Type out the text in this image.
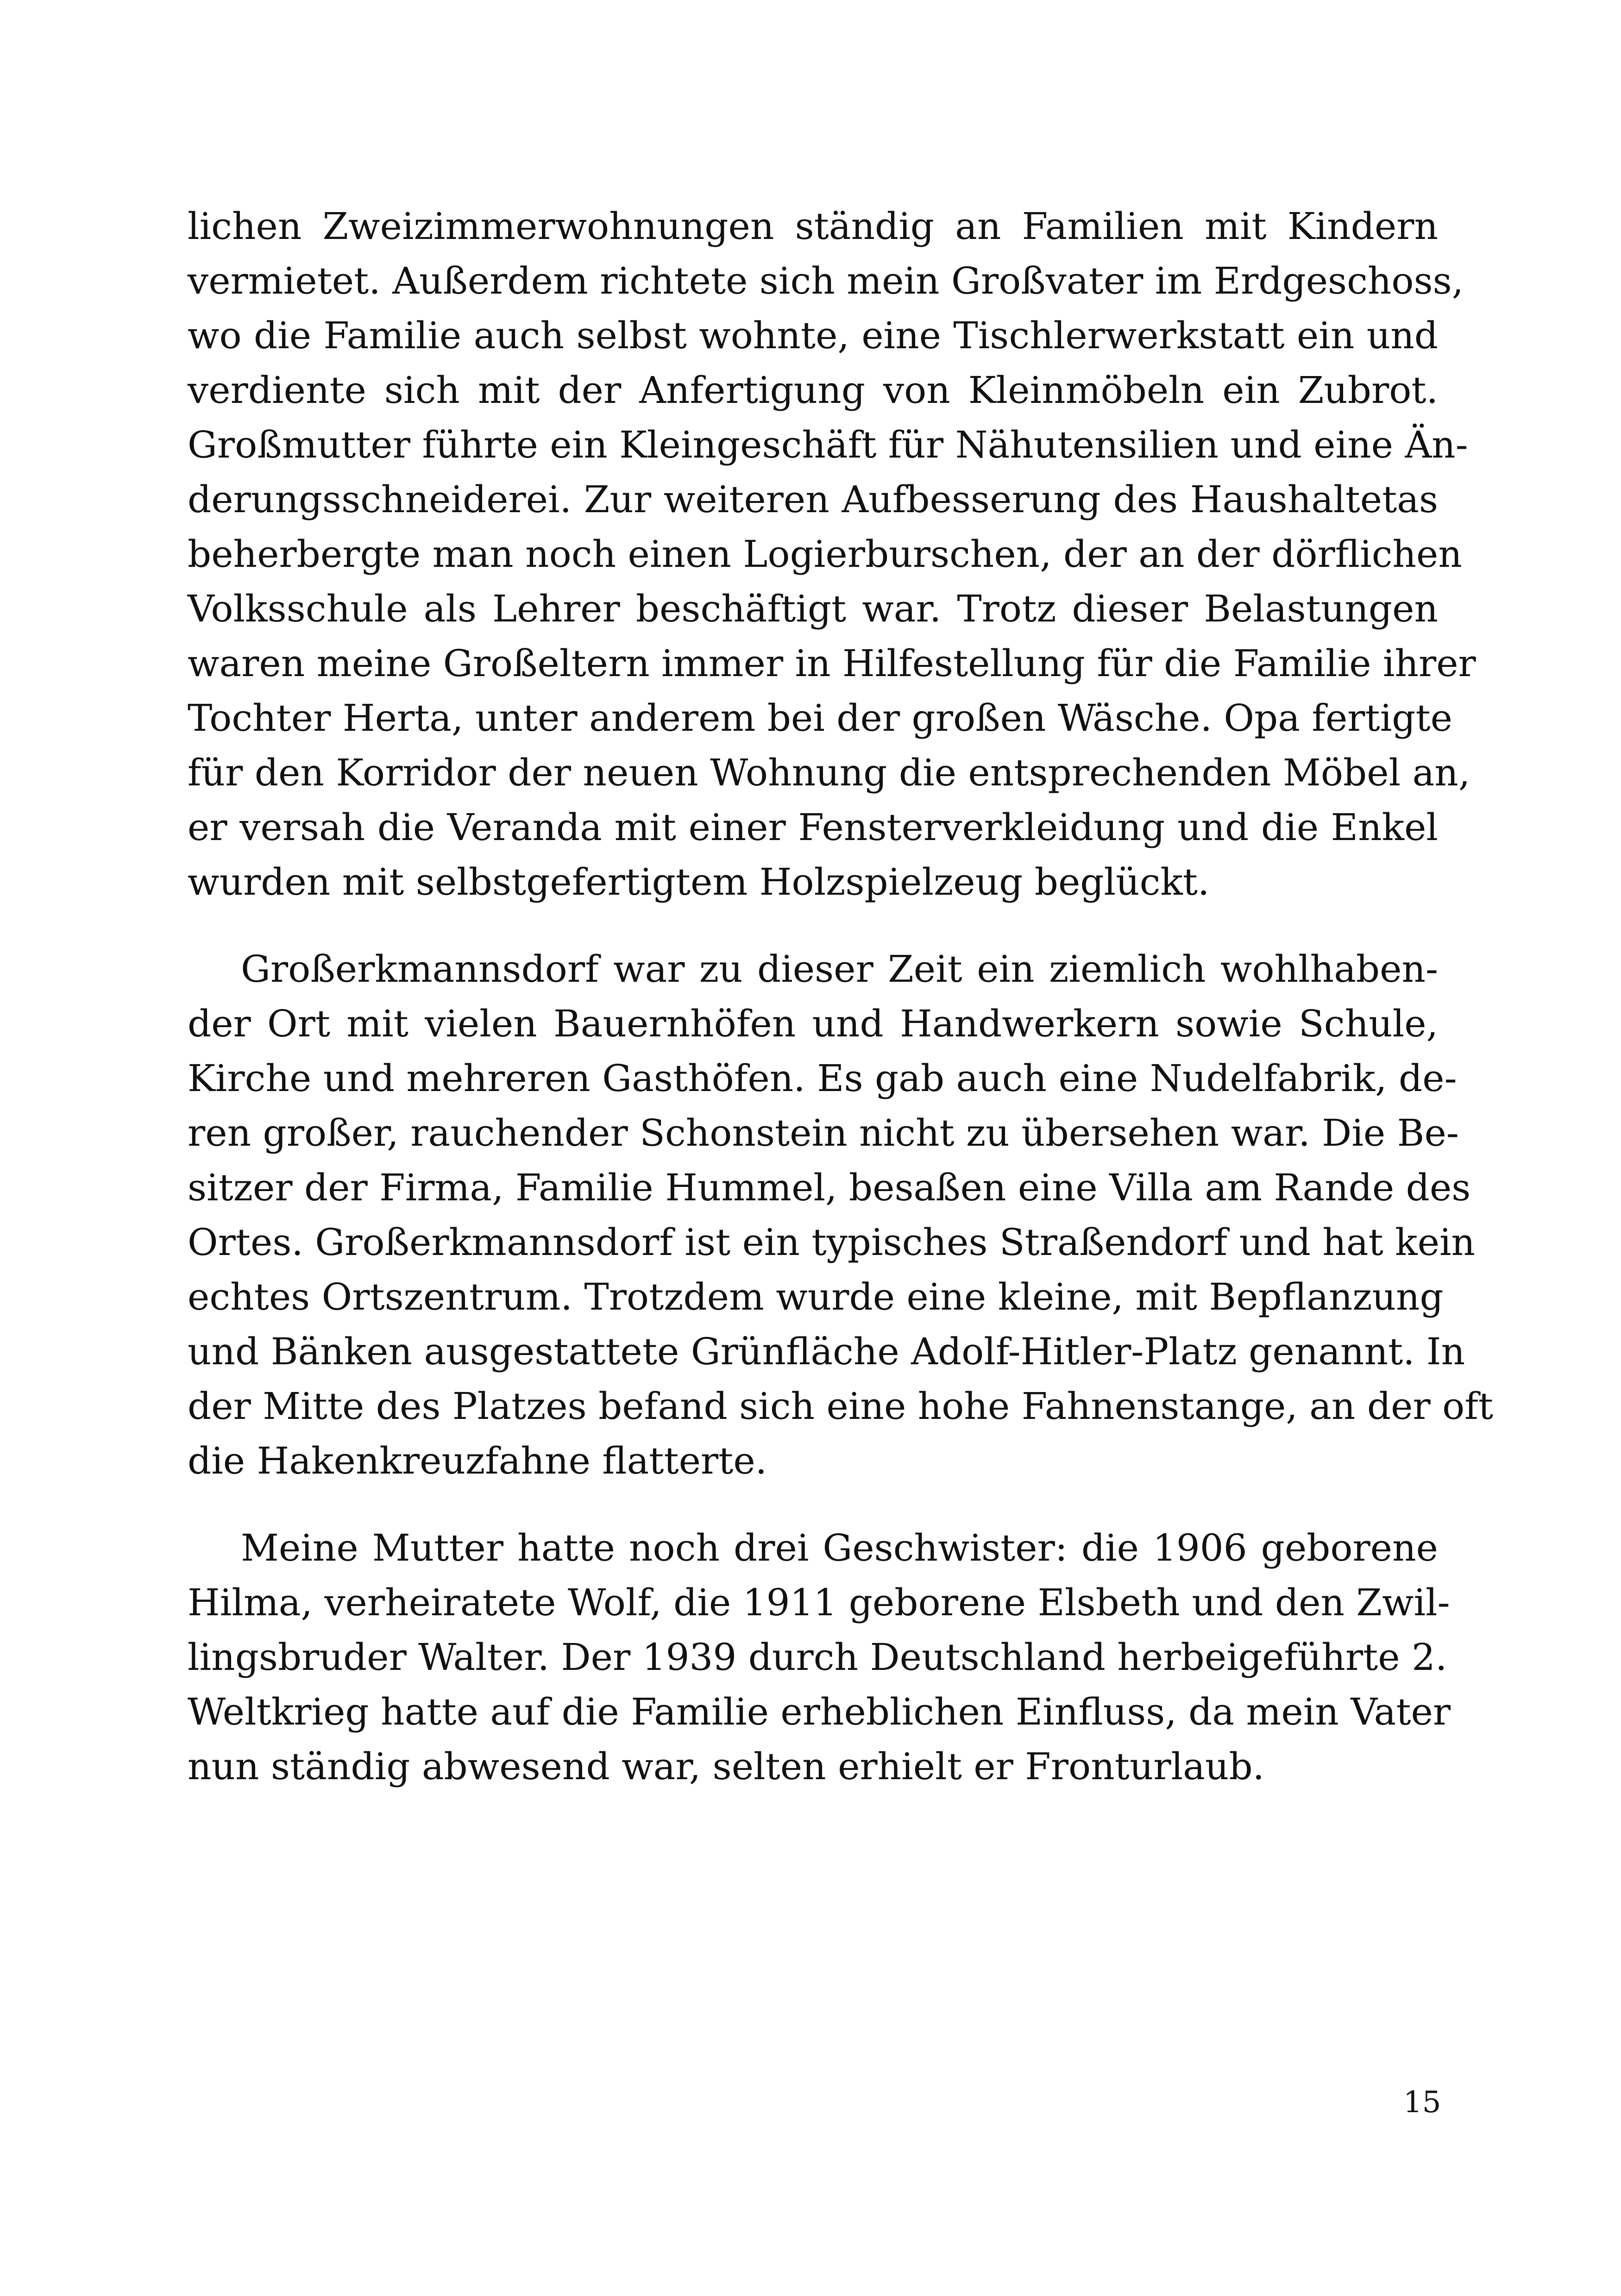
lichen Zweizimmerwohnungen ständig an Familien mit Kindern
vermietet. Außerdem richtete sich mein Großvater im Erdgeschoss,
wo die Familie auch selbst wohnte, eine Tischlerwerkstatt ein und
verdiente sich mit der Anfertigung von Kleinmöbeln ein Zubrot.
Großmutter führte ein Kleingeschäft für Nähutensilien und eine Än-
derungsschneiderei. Zur weiteren Aufbesserung des Haushaltetas
beherbergte man noch einen Logierburschen, der an der dörflichen
Volksschule als Lehrer beschäftigt war. Trotz dieser Belastungen
waren meine Großeltern immer in Hilfestellung für die Familie ihrer
Tochter Herta, unter anderem bei der großen Wäsche. Opa fertigte
für den Korridor der neuen Wohnung die entsprechenden Möbel an,
er versah die Veranda mit einer Fensterverkleidung und die Enkel
wurden mit selbstgefertigtem Holzspielzeug beglückt.
Großerkmannsdorf war zu dieser Zeit ein ziemlich wohlhaben-
der Ort mit vielen Bauernhöfen und Handwerkern sowie Schule,
Kirche und mehreren Gasthöfen. Es gab auch eine Nudelfabrik, de-
ren großer, rauchender Schonstein nicht zu übersehen war. Die Be-
sitzer der Firma, Familie Hummel, besaßen eine Villa am Rande des
Ortes. Großerkmannsdorf ist ein typisches Straßendorf und hat kein
echtes Ortszentrum. Trotzdem wurde eine kleine, mit Bepflanzung
und Bänken ausgestattete Grünfläche Adolf-Hitler-Platz genannt. In
der Mitte des Platzes befand sich eine hohe Fahnenstange, an der oft
die Hakenkreuzfahne flatterte.
Meine Mutter hatte noch drei Geschwister: die 1906 geborene
Hilma, verheiratete Wolf, die 1911 geborene Elsbeth und den Zwil-
lingsbruder Walter. Der 1939 durch Deutschland herbeigeführte 2.
Weltkrieg hatte auf die Familie erheblichen Einfluss, da mein Vater
nun ständig abwesend war, selten erhielt er Fronturlaub.
15
